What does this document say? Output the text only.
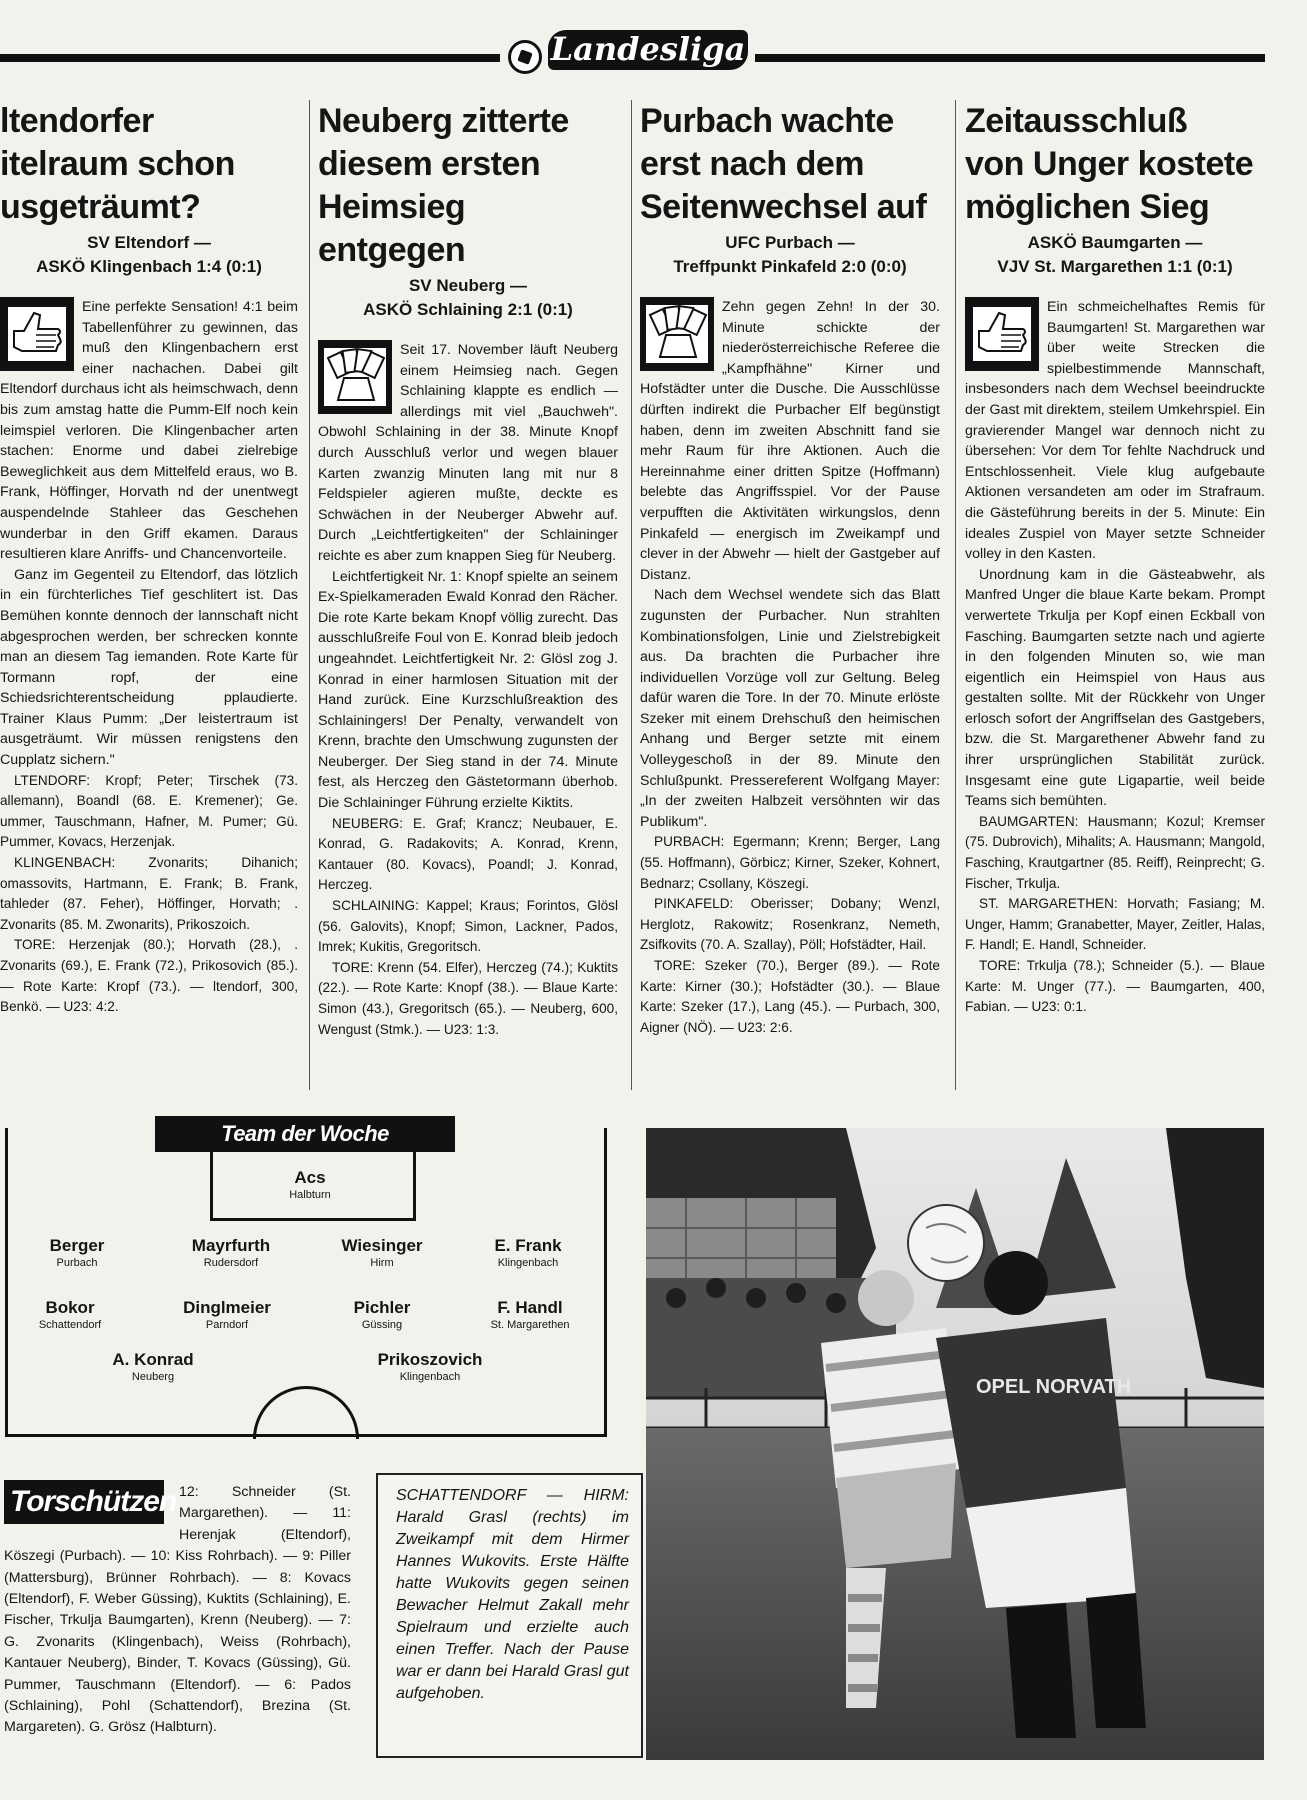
Landesliga
ltendorfer
itelraum schon
usgeträumt?
SV Eltendorf —
ASKÖ Klingenbach 1:4 (0:1)

Eine perfekte Sensation! 4:1 beim Tabellenführer zu gewinnen, das muß den Klingenbachern erst einer nachachen. Dabei gilt Eltendorf durchaus icht als heimschwach, denn bis zum amstag hatte die Pumm-Elf noch kein leimspiel verloren. Die Klingenbacher arten stachen: Enorme und dabei zielrebige Beweglichkeit aus dem Mittelfeld eraus, wo B. Frank, Höffinger, Horvath nd der unentwegt auspendelnde Stahleer das Geschehen wunderbar in den Griff ekamen. Daraus resultieren klare Anriffs- und Chancenvorteile.

Ganz im Gegenteil zu Eltendorf, das lötzlich in ein fürchterliches Tief geschlitert ist. Das Bemühen konnte dennoch der lannschaft nicht abgesprochen werden, ber schrecken konnte man an diesem Tag iemanden. Rote Karte für Tormann ropf, der eine Schiedsrichterentscheidung pplaudierte. Trainer Klaus Pumm: „Der leistertraum ist ausgeträumt. Wir müssen renigstens den Cupplatz sichern."

LTENDORF: Kropf; Peter; Tirschek (73. allemann), Boandl (68. E. Kremener); Ge. ummer, Tauschmann, Hafner, M. Pumer; Gü. Pummer, Kovacs, Herzenjak.

KLINGENBACH: Zvonarits; Dihanich; omassovits, Hartmann, E. Frank; B. Frank, tahleder (87. Feher), Höffinger, Horvath; . Zvonarits (85. M. Zwonarits), Prikoszoich.

TORE: Herzenjak (80.); Horvath (28.), . Zvonarits (69.), E. Frank (72.), Prikosovich (85.). — Rote Karte: Kropf (73.). — ltendorf, 300, Benkö. — U23: 4:2.

Neuberg zitterte
diesem ersten
Heimsieg entgegen
SV Neuberg —
ASKÖ Schlaining 2:1 (0:1)

Seit 17. November läuft Neuberg einem Heimsieg nach. Gegen Schlaining klappte es endlich — allerdings mit viel „Bauchweh". Obwohl Schlaining in der 38. Minute Knopf durch Ausschluß verlor und wegen blauer Karten zwanzig Minuten lang mit nur 8 Feldspieler agieren mußte, deckte es Schwächen in der Neuberger Abwehr auf. Durch „Leichtfertigkeiten" der Schlaininger reichte es aber zum knappen Sieg für Neuberg.

Leichtfertigkeit Nr. 1: Knopf spielte an seinem Ex-Spielkameraden Ewald Konrad den Rächer. Die rote Karte bekam Knopf völlig zurecht. Das ausschlußreife Foul von E. Konrad bleib jedoch ungeahndet. Leichtfertigkeit Nr. 2: Glösl zog J. Konrad in einer harmlosen Situation mit der Hand zurück. Eine Kurzschlußreaktion des Schlainingers! Der Penalty, verwandelt von Krenn, brachte den Umschwung zugunsten der Neuberger. Der Sieg stand in der 74. Minute fest, als Herczeg den Gästetormann überhob. Die Schlaininger Führung erzielte Kiktits.

NEUBERG: E. Graf; Krancz; Neubauer, E. Konrad, G. Radakovits; A. Konrad, Krenn, Kantauer (80. Kovacs), Poandl; J. Konrad, Herczeg.

SCHLAINING: Kappel; Kraus; Forintos, Glösl (56. Galovits), Knopf; Simon, Lackner, Pados, Imrek; Kukitis, Gregoritsch.

TORE: Krenn (54. Elfer), Herczeg (74.); Kuktits (22.). — Rote Karte: Knopf (38.). — Blaue Karte: Simon (43.), Gregoritsch (65.). — Neuberg, 600, Wengust (Stmk.). — U23: 1:3.

Purbach wachte
erst nach dem
Seitenwechsel auf
UFC Purbach —
Treffpunkt Pinkafeld 2:0 (0:0)

Zehn gegen Zehn! In der 30. Minute schickte der niederösterreichische Referee die „Kampfhähne" Kirner und Hofstädter unter die Dusche. Die Ausschlüsse dürften indirekt die Purbacher Elf begünstigt haben, denn im zweiten Abschnitt fand sie mehr Raum für ihre Aktionen. Auch die Hereinnahme einer dritten Spitze (Hoffmann) belebte das Angriffsspiel. Vor der Pause verpufften die Aktivitäten wirkungslos, denn Pinkafeld — energisch im Zweikampf und clever in der Abwehr — hielt der Gastgeber auf Distanz.

Nach dem Wechsel wendete sich das Blatt zugunsten der Purbacher. Nun strahlten Kombinationsfolgen, Linie und Zielstrebigkeit aus. Da brachten die Purbacher ihre individuellen Vorzüge voll zur Geltung. Beleg dafür waren die Tore. In der 70. Minute erlöste Szeker mit einem Drehschuß den heimischen Anhang und Berger setzte mit einem Volleygeschoß in der 89. Minute den Schlußpunkt. Pressereferent Wolfgang Mayer: „In der zweiten Halbzeit versöhnten wir das Publikum".

PURBACH: Egermann; Krenn; Berger, Lang (55. Hoffmann), Görbicz; Kirner, Szeker, Kohnert, Bednarz; Csollany, Köszegi.

PINKAFELD: Oberisser; Dobany; Wenzl, Herglotz, Rakowitz; Rosenkranz, Nemeth, Zsifkovits (70. A. Szallay), Pöll; Hofstädter, Hail.

TORE: Szeker (70.), Berger (89.). — Rote Karte: Kirner (30.); Hofstädter (30.). — Blaue Karte: Szeker (17.), Lang (45.). — Purbach, 300, Aigner (NÖ). — U23: 2:6.

Zeitausschluß
von Unger kostete
möglichen Sieg
ASKÖ Baumgarten —
VJV St. Margarethen 1:1 (0:1)

Ein schmeichelhaftes Remis für Baumgarten! St. Margarethen war über weite Strecken die spielbestimmende Mannschaft, insbesonders nach dem Wechsel beeindruckte der Gast mit direktem, steilem Umkehrspiel. Ein gravierender Mangel war dennoch nicht zu übersehen: Vor dem Tor fehlte Nachdruck und Entschlossenheit. Viele klug aufgebaute Aktionen versandeten am oder im Strafraum. die Gästeführung bereits in der 5. Minute: Ein ideales Zuspiel von Mayer setzte Schneider volley in den Kasten.

Unordnung kam in die Gästeabwehr, als Manfred Unger die blaue Karte bekam. Prompt verwertete Trkulja per Kopf einen Eckball von Fasching. Baumgarten setzte nach und agierte in den folgenden Minuten so, wie man eigentlich ein Heimspiel von Haus aus gestalten sollte. Mit der Rückkehr von Unger erlosch sofort der Angriffselan des Gastgebers, bzw. die St. Margarethener Abwehr fand zu ihrer ursprünglichen Stabilität zurück. Insgesamt eine gute Ligapartie, weil beide Teams sich bemühten.

BAUMGARTEN: Hausmann; Kozul; Kremser (75. Dubrovich), Mihalits; A. Hausmann; Mangold, Fasching, Krautgartner (85. Reiff), Reinprecht; G. Fischer, Trkulja.

ST. MARGARETHEN: Horvath; Fasiang; M. Unger, Hamm; Granabetter, Mayer, Zeitler, Halas, F. Handl; E. Handl, Schneider.

TORE: Trkulja (78.); Schneider (5.). — Blaue Karte: M. Unger (77.). — Baumgarten, 400, Fabian. — U23: 0:1.

Team der Woche
Acs
Halbturn
Berger
Purbach
Mayrfurth
Rudersdorf
Wiesinger
Hirm
E. Frank
Klingenbach
Bokor
Schattendorf
Dinglmeier
Parndorf
Pichler
Güssing
F. Handl
St. Margarethen
A. Konrad
Neuberg
Prikoszovich
Klingenbach
12: Schneider (St. Margarethen). — 11: Herenjak (Eltendorf), Köszegi (Purbach). — 10: Kiss Rohrbach). — 9: Piller (Mattersburg), Brünner Rohrbach). — 8: Kovacs (Eltendorf), F. Weber Güssing), Kuktits (Schlaining), E. Fischer, Trkulja Baumgarten), Krenn (Neuberg). — 7: G. Zvonarits (Klingenbach), Weiss (Rohrbach), Kantauer Neuberg), Binder, T. Kovacs (Güssing), Gü. Pummer, Tauschmann (Eltendorf). — 6: Pados (Schlaining), Pohl (Schattendorf), Brezina (St. Margareten). G. Grösz (Halbturn).
Torschützen	SCHATTENDORF — HIRM: Harald Grasl (rechts) im Zweikampf mit dem Hirmer Hannes Wukovits. Erste Hälfte hatte Wukovits gegen seinen Bewacher Helmut Zakall mehr Spielraum und erzielte auch einen Treffer. Nach der Pause war er dann bei Harald Grasl gut aufgehoben.
OPEL NORVATH
